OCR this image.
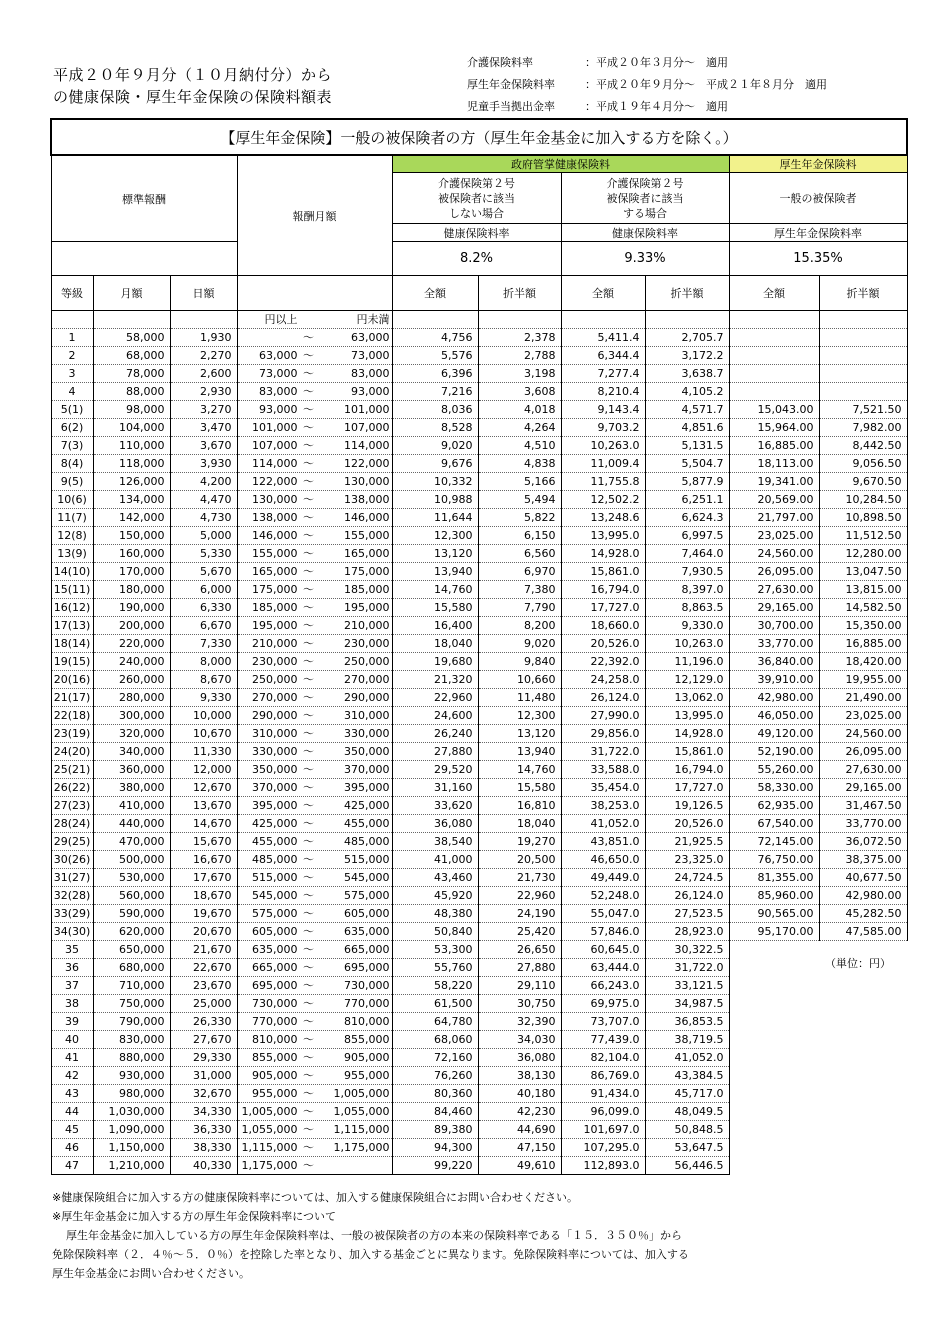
平成２０年９月分（１０月納付分）から
の健康保険・厚生年金保険の保険料額表
介護保険料率	：平成２０年３月分～　適用
厚生年金保険料率	：平成２０年９月分～　平成２１年８月分　適用
児童手当拠出金率	：平成１９年４月分～　適用
【厚生年金保険】一般の被保険者の方（厚生年金基金に加入する方を除く。）									
標準報酬			報酬月額	政府管掌健康保険料				厚生年金保険料	
				介護保険第２号
被保険者に該当
しない場合		介護保険第２号
被保険者に該当
する場合		一般の被保険者	
				健康保険料率		健康保険料率		厚生年金保険料率	
				8.2%		9.33%		15.35%	
等級	月額	日額		全額	折半額	全額	折半額	全額	折半額
			円以上 円未満						
1	58,000	1,930	～ 63,000	4,756	2,378	5,411.4	2,705.7		
2	68,000	2,270	63,000 ～ 73,000	5,576	2,788	6,344.4	3,172.2		
3	78,000	2,600	73,000 ～ 83,000	6,396	3,198	7,277.4	3,638.7		
4	88,000	2,930	83,000 ～ 93,000	7,216	3,608	8,210.4	4,105.2		
5(1)	98,000	3,270	93,000 ～ 101,000	8,036	4,018	9,143.4	4,571.7	15,043.00	7,521.50
6(2)	104,000	3,470	101,000 ～ 107,000	8,528	4,264	9,703.2	4,851.6	15,964.00	7,982.00
7(3)	110,000	3,670	107,000 ～ 114,000	9,020	4,510	10,263.0	5,131.5	16,885.00	8,442.50
8(4)	118,000	3,930	114,000 ～ 122,000	9,676	4,838	11,009.4	5,504.7	18,113.00	9,056.50
9(5)	126,000	4,200	122,000 ～ 130,000	10,332	5,166	11,755.8	5,877.9	19,341.00	9,670.50
10(6)	134,000	4,470	130,000 ～ 138,000	10,988	5,494	12,502.2	6,251.1	20,569.00	10,284.50
11(7)	142,000	4,730	138,000 ～ 146,000	11,644	5,822	13,248.6	6,624.3	21,797.00	10,898.50
12(8)	150,000	5,000	146,000 ～ 155,000	12,300	6,150	13,995.0	6,997.5	23,025.00	11,512.50
13(9)	160,000	5,330	155,000 ～ 165,000	13,120	6,560	14,928.0	7,464.0	24,560.00	12,280.00
14(10)	170,000	5,670	165,000 ～ 175,000	13,940	6,970	15,861.0	7,930.5	26,095.00	13,047.50
15(11)	180,000	6,000	175,000 ～ 185,000	14,760	7,380	16,794.0	8,397.0	27,630.00	13,815.00
16(12)	190,000	6,330	185,000 ～ 195,000	15,580	7,790	17,727.0	8,863.5	29,165.00	14,582.50
17(13)	200,000	6,670	195,000 ～ 210,000	16,400	8,200	18,660.0	9,330.0	30,700.00	15,350.00
18(14)	220,000	7,330	210,000 ～ 230,000	18,040	9,020	20,526.0	10,263.0	33,770.00	16,885.00
19(15)	240,000	8,000	230,000 ～ 250,000	19,680	9,840	22,392.0	11,196.0	36,840.00	18,420.00
20(16)	260,000	8,670	250,000 ～ 270,000	21,320	10,660	24,258.0	12,129.0	39,910.00	19,955.00
21(17)	280,000	9,330	270,000 ～ 290,000	22,960	11,480	26,124.0	13,062.0	42,980.00	21,490.00
22(18)	300,000	10,000	290,000 ～ 310,000	24,600	12,300	27,990.0	13,995.0	46,050.00	23,025.00
23(19)	320,000	10,670	310,000 ～ 330,000	26,240	13,120	29,856.0	14,928.0	49,120.00	24,560.00
24(20)	340,000	11,330	330,000 ～ 350,000	27,880	13,940	31,722.0	15,861.0	52,190.00	26,095.00
25(21)	360,000	12,000	350,000 ～ 370,000	29,520	14,760	33,588.0	16,794.0	55,260.00	27,630.00
26(22)	380,000	12,670	370,000 ～ 395,000	31,160	15,580	35,454.0	17,727.0	58,330.00	29,165.00
27(23)	410,000	13,670	395,000 ～ 425,000	33,620	16,810	38,253.0	19,126.5	62,935.00	31,467.50
28(24)	440,000	14,670	425,000 ～ 455,000	36,080	18,040	41,052.0	20,526.0	67,540.00	33,770.00
29(25)	470,000	15,670	455,000 ～ 485,000	38,540	19,270	43,851.0	21,925.5	72,145.00	36,072.50
30(26)	500,000	16,670	485,000 ～ 515,000	41,000	20,500	46,650.0	23,325.0	76,750.00	38,375.00
31(27)	530,000	17,670	515,000 ～ 545,000	43,460	21,730	49,449.0	24,724.5	81,355.00	40,677.50
32(28)	560,000	18,670	545,000 ～ 575,000	45,920	22,960	52,248.0	26,124.0	85,960.00	42,980.00
33(29)	590,000	19,670	575,000 ～ 605,000	48,380	24,190	55,047.0	27,523.5	90,565.00	45,282.50
34(30)	620,000	20,670	605,000 ～ 635,000	50,840	25,420	57,846.0	28,923.0	95,170.00	47,585.00
35	650,000	21,670	635,000 ～ 665,000	53,300	26,650	60,645.0	30,322.5		
36	680,000	22,670	665,000 ～ 695,000	55,760	27,880	63,444.0	31,722.0		
37	710,000	23,670	695,000 ～ 730,000	58,220	29,110	66,243.0	33,121.5		
38	750,000	25,000	730,000 ～ 770,000	61,500	30,750	69,975.0	34,987.5		
39	790,000	26,330	770,000 ～ 810,000	64,780	32,390	73,707.0	36,853.5		
40	830,000	27,670	810,000 ～ 855,000	68,060	34,030	77,439.0	38,719.5		
41	880,000	29,330	855,000 ～ 905,000	72,160	36,080	82,104.0	41,052.0		
42	930,000	31,000	905,000 ～ 955,000	76,260	38,130	86,769.0	43,384.5		
43	980,000	32,670	955,000 ～ 1,005,000	80,360	40,180	91,434.0	45,717.0		
44	1,030,000	34,330	1,005,000 ～ 1,055,000	84,460	42,230	96,099.0	48,049.5		
45	1,090,000	36,330	1,055,000 ～ 1,115,000	89,380	44,690	101,697.0	50,848.5		
46	1,150,000	38,330	1,115,000 ～ 1,175,000	94,300	47,150	107,295.0	53,647.5		
47	1,210,000	40,330	1,175,000 ～	99,220	49,610	112,893.0	56,446.5		
（単位：円）
※健康保険組合に加入する方の健康保険料率については、加入する健康保険組合にお問い合わせください。
※厚生年金基金に加入する方の厚生年金保険料率について
厚生年金基金に加入している方の厚生年金保険料率は、一般の被保険者の方の本来の保険料率である「１５．３５０％」から
免除保険料率（２．４％～５．０％）を控除した率となり、加入する基金ごとに異なります。免除保険料率については、加入する
厚生年金基金にお問い合わせください。
